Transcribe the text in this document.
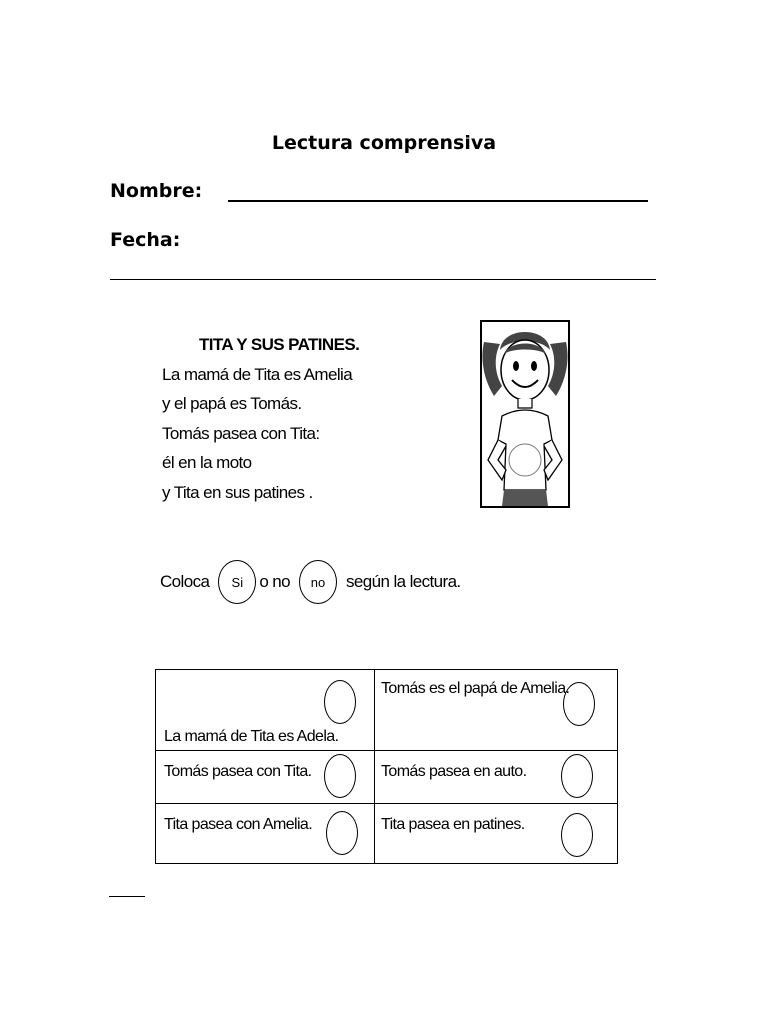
Lectura comprensiva
Nombre:
Fecha:
TITA Y SUS PATINES.
La mamá de Tita es Amelia
y el papá es Tomás.
Tomás pasea con Tita:
él en la moto
y Tita en sus patines .
Coloca	Si o no	no	según la lectura.
La mamá de Tita es Adela.	Tomás es el papá de Amelia.

Tomás pasea con Tita.	Tomás pasea en auto.

Tita pasea con Amelia.	Tita pasea en patines.
